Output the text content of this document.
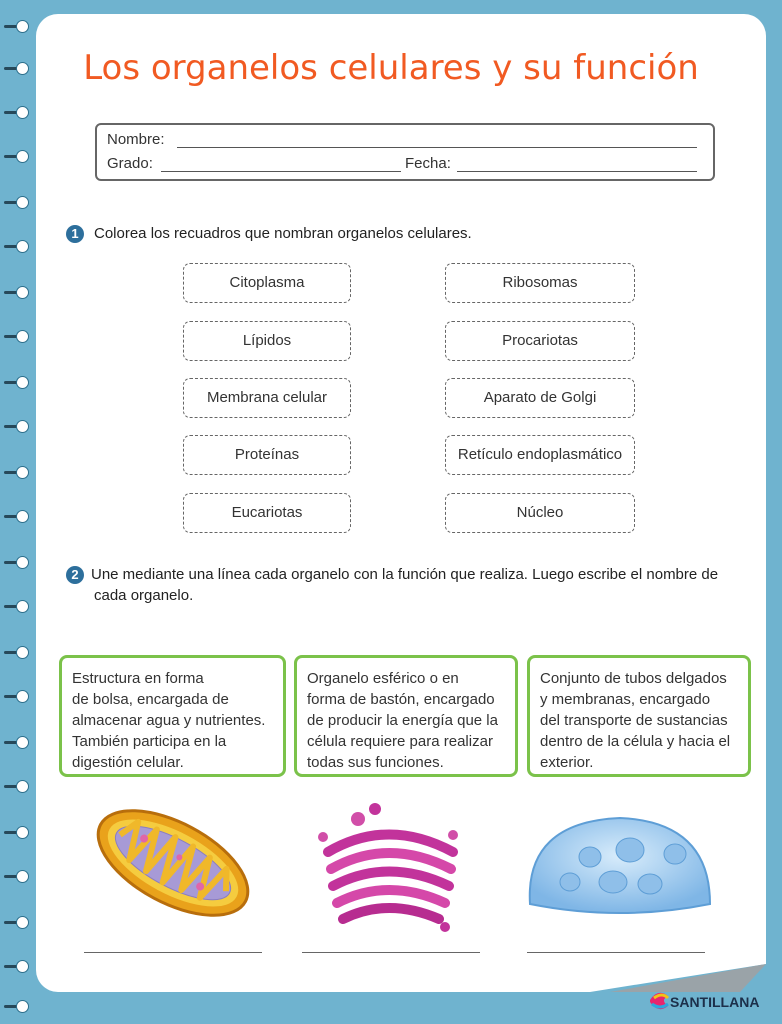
Los organelos celulares y su función
Nombre:
Grado:	Fecha:
1	Colorea los recuadros que nombran organelos celulares.
Citoplasma
Lípidos
Membrana celular
Proteínas
Eucariotas
Ribosomas
Procariotas
Aparato de Golgi
Retículo endoplasmático
Núcleo
2 Une mediante una línea cada organelo con la función que realiza. Luego escribe el nombre de
cada organelo.
Estructura en forma
de bolsa, encargada de
almacenar agua y nutrientes.
También participa en la
digestión celular.
Organelo esférico o en
forma de bastón, encargado
de producir la energía que la
célula requiere para realizar
todas sus funciones.
Conjunto de tubos delgados
y membranas, encargado
del transporte de sustancias
dentro de la célula y hacia el
exterior.
SANTILLANA
